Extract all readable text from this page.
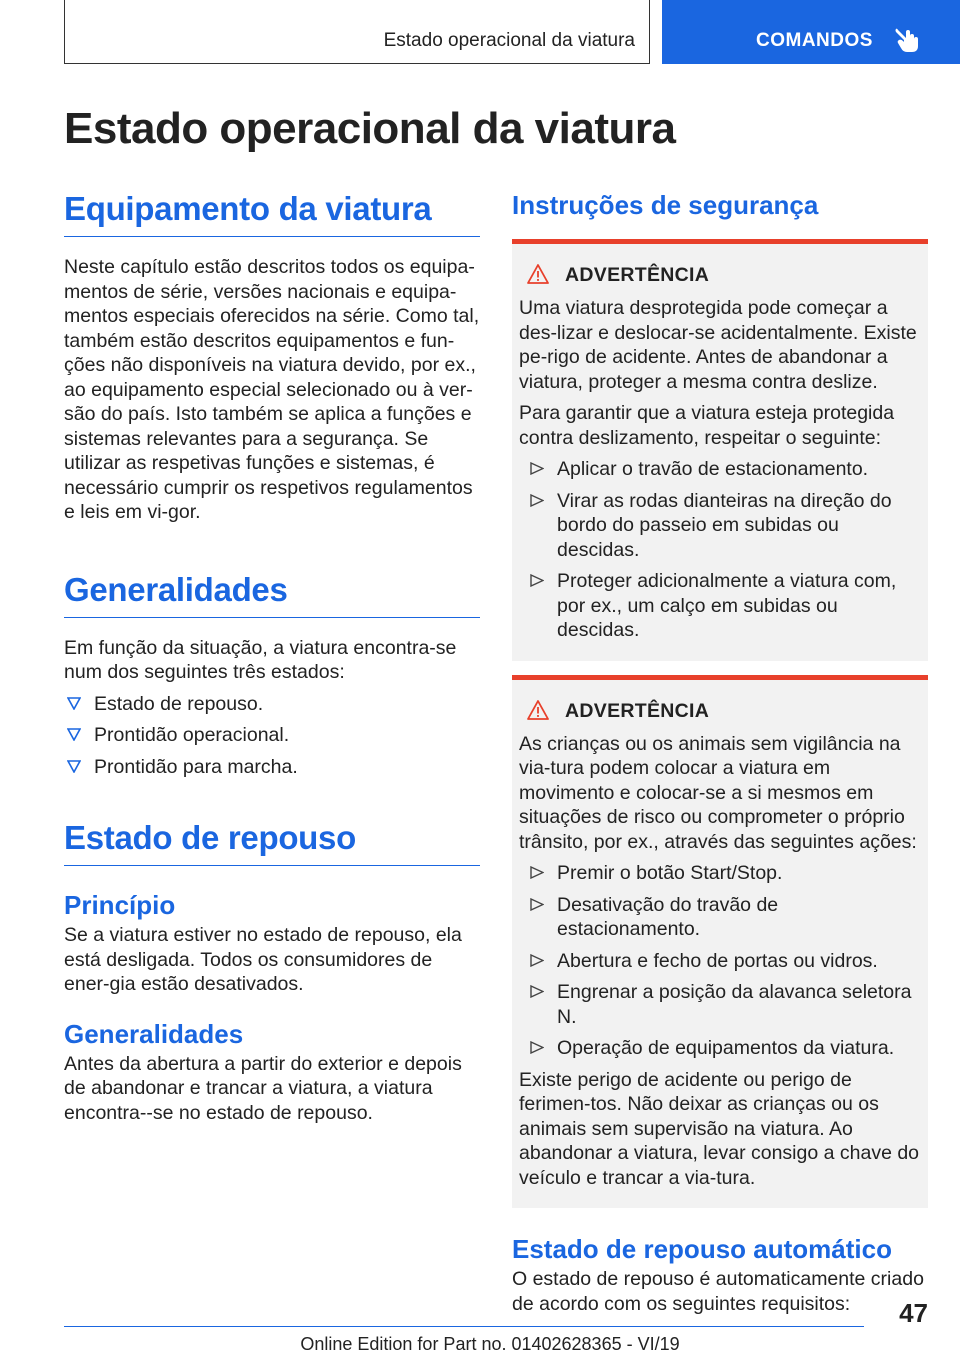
Estado operacional da viatura	COMANDOS
Estado operacional da viatura
Equipamento da viatura

Neste capítulo estão descritos todos os equipa-mentos de série, versões nacionais e equipa-mentos especiais oferecidos na série. Como tal, também estão descritos equipamentos e fun-ções não disponíveis na viatura devido, por ex., ao equipamento especial selecionado ou à ver-são do país. Isto também se aplica a funções e sistemas relevantes para a segurança. Se utilizar as respetivas funções e sistemas, é necessário cumprir os respetivos regulamentos e leis em vi-gor.

Generalidades

Em função da situação, a viatura encontra-se num dos seguintes três estados:

Estado de repouso.
Prontidão operacional.
Prontidão para marcha.
Estado de repouso
Princípio

Se a viatura estiver no estado de repouso, ela está desligada. Todos os consumidores de ener-gia estão desativados.

Generalidades

Antes da abertura a partir do exterior e depois de abandonar e trancar a viatura, a viatura encontra--se no estado de repouso.

Instruções de segurança
ADVERTÊNCIA

Uma viatura desprotegida pode começar a des-lizar e deslocar-se acidentalmente. Existe pe-rigo de acidente. Antes de abandonar a viatura, proteger a mesma contra deslize.

Para garantir que a viatura esteja protegida contra deslizamento, respeitar o seguinte:

Aplicar o travão de estacionamento.
Virar as rodas dianteiras na direção do bordo do passeio em subidas ou descidas.
Proteger adicionalmente a viatura com, por ex., um calço em subidas ou descidas.
ADVERTÊNCIA

As crianças ou os animais sem vigilância na via-tura podem colocar a viatura em movimento e colocar-se a si mesmos em situações de risco ou comprometer o próprio trânsito, por ex., através das seguintes ações:

Premir o botão Start/Stop.
Desativação do travão de estacionamento.
Abertura e fecho de portas ou vidros.
Engrenar a posição da alavanca seletora N.
Operação de equipamentos da viatura.

Existe perigo de acidente ou perigo de ferimen-tos. Não deixar as crianças ou os animais sem supervisão na viatura. Ao abandonar a viatura, levar consigo a chave do veículo e trancar a via-tura.

Estado de repouso automático

O estado de repouso é automaticamente criado de acordo com os seguintes requisitos:	47
Online Edition for Part no. 01402628365 - VI/19
